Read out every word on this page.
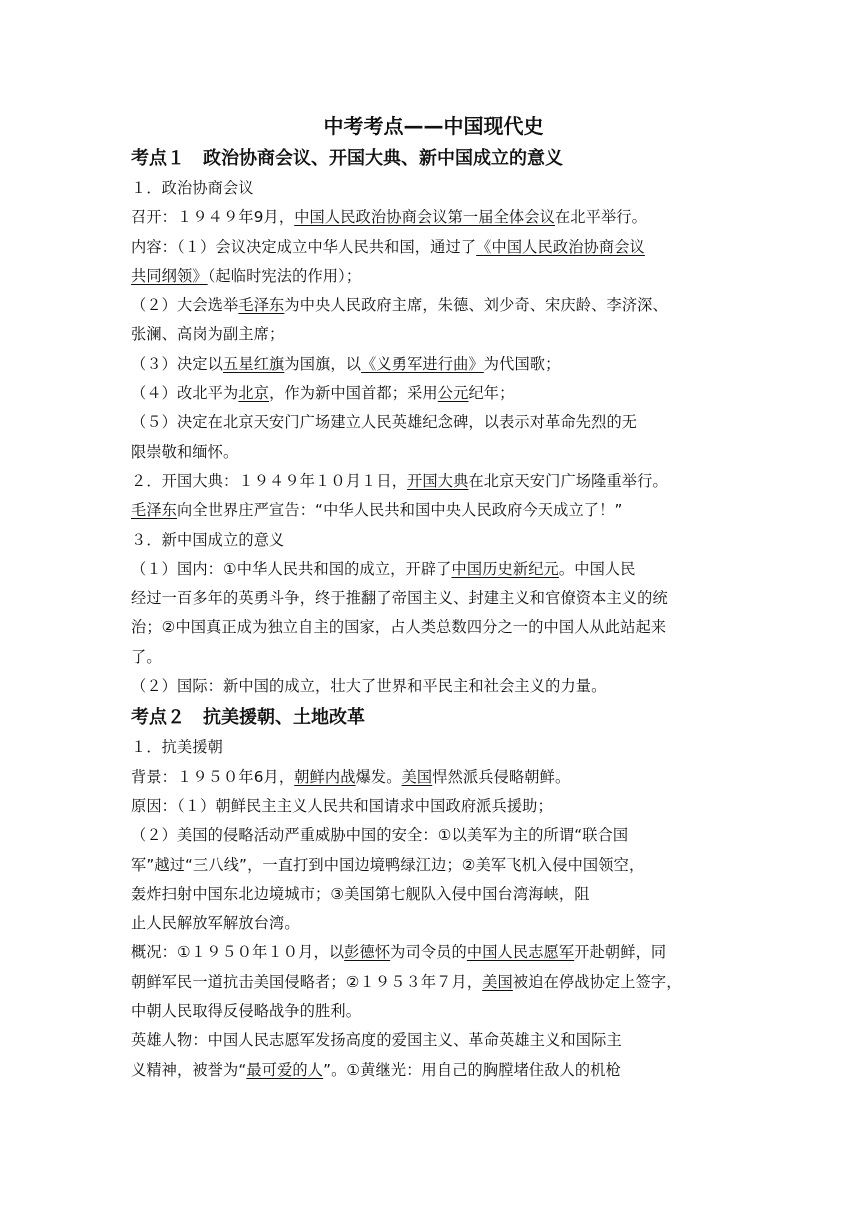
中考考点——中国现代史
考点１　政治协商会议、开国大典、新中国成立的意义
１．政治协商会议
召开：１９４９年9月，中国人民政治协商会议第一届全体会议在北平举行。
内容：（１）会议决定成立中华人民共和国，通过了《中国人民政治协商会议
共同纲领》（起临时宪法的作用）；
（２）大会选举毛泽东为中央人民政府主席，朱德、刘少奇、宋庆龄、李济深、
张澜、高岗为副主席；
（３）决定以五星红旗为国旗，以《义勇军进行曲》为代国歌；
（４）改北平为北京，作为新中国首都；采用公元纪年；
（５）决定在北京天安门广场建立人民英雄纪念碑，以表示对革命先烈的无
限崇敬和缅怀。
２．开国大典：１９４９年１０月１日，开国大典在北京天安门广场隆重举行。
毛泽东向全世界庄严宣告：“中华人民共和国中央人民政府今天成立了！”
３．新中国成立的意义
（１）国内：①中华人民共和国的成立，开辟了中国历史新纪元。中国人民
经过一百多年的英勇斗争，终于推翻了帝国主义、封建主义和官僚资本主义的统
治；②中国真正成为独立自主的国家，占人类总数四分之一的中国人从此站起来
了。
（２）国际：新中国的成立，壮大了世界和平民主和社会主义的力量。
考点２　抗美援朝、土地改革
１．抗美援朝
背景：１９５０年6月，朝鲜内战爆发。美国悍然派兵侵略朝鲜。
原因：（１）朝鲜民主主义人民共和国请求中国政府派兵援助；
（２）美国的侵略活动严重威胁中国的安全：①以美军为主的所谓“联合国
军”越过“三八线”，一直打到中国边境鸭绿江边；②美军飞机入侵中国领空，
轰炸扫射中国东北边境城市；③美国第七舰队入侵中国台湾海峡，阻
止人民解放军解放台湾。
概况：①１９５０年１０月，以彭德怀为司令员的中国人民志愿军开赴朝鲜，同
朝鲜军民一道抗击美国侵略者；②１９５３年７月，美国被迫在停战协定上签字，
中朝人民取得反侵略战争的胜利。
英雄人物：中国人民志愿军发扬高度的爱国主义、革命英雄主义和国际主
义精神，被誉为“最可爱的人”。①黄继光：用自己的胸膛堵住敌人的机枪
